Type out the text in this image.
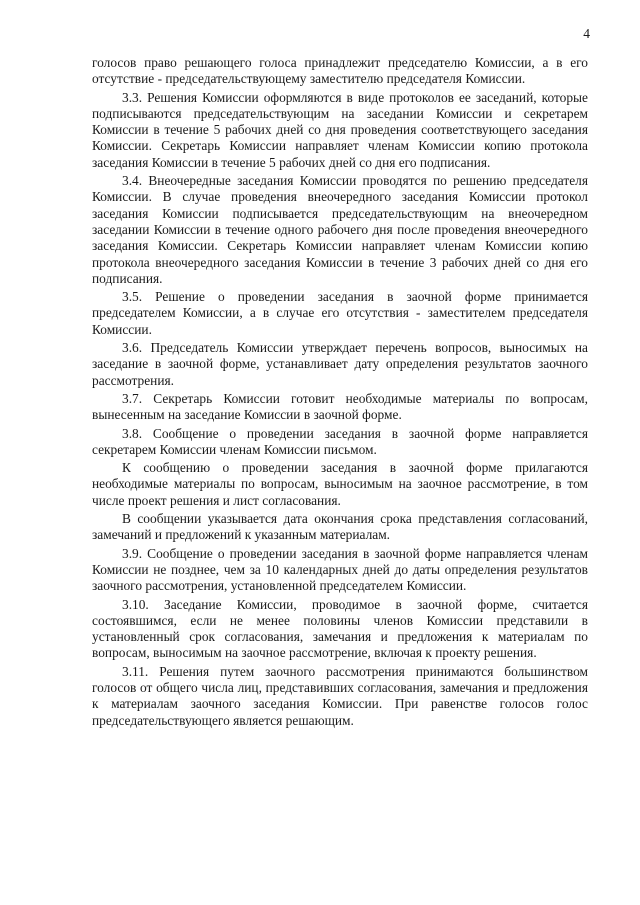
4

голосов право решающего голоса принадлежит председателю Комиссии, а в его отсутствие - председательствующему заместителю председателя Комиссии.

3.3. Решения Комиссии оформляются в виде протоколов ее заседаний, которые подписываются председательствующим на заседании Комиссии и секретарем Комиссии в течение 5 рабочих дней со дня проведения соответствующего заседания Комиссии. Секретарь Комиссии направляет членам Комиссии копию протокола заседания Комиссии в течение 5 рабочих дней со дня его подписания.

3.4. Внеочередные заседания Комиссии проводятся по решению председателя Комиссии. В случае проведения внеочередного заседания Комиссии протокол заседания Комиссии подписывается председательствующим на внеочередном заседании Комиссии в течение одного рабочего дня после проведения внеочередного заседания Комиссии. Секретарь Комиссии направляет членам Комиссии копию протокола внеочередного заседания Комиссии в течение 3 рабочих дней со дня его подписания.

3.5. Решение о проведении заседания в заочной форме принимается председателем Комиссии, а в случае его отсутствия - заместителем председателя Комиссии.

3.6. Председатель Комиссии утверждает перечень вопросов, выносимых на заседание в заочной форме, устанавливает дату определения результатов заочного рассмотрения.

3.7. Секретарь Комиссии готовит необходимые материалы по вопросам, вынесенным на заседание Комиссии в заочной форме.

3.8. Сообщение о проведении заседания в заочной форме направляется секретарем Комиссии членам Комиссии письмом.

К сообщению о проведении заседания в заочной форме прилагаются необходимые материалы по вопросам, выносимым на заочное рассмотрение, в том числе проект решения и лист согласования.

В сообщении указывается дата окончания срока представления согласований, замечаний и предложений к указанным материалам.

3.9. Сообщение о проведении заседания в заочной форме направляется членам Комиссии не позднее, чем за 10 календарных дней до даты определения результатов заочного рассмотрения, установленной председателем Комиссии.

3.10. Заседание Комиссии, проводимое в заочной форме, считается состоявшимся, если не менее половины членов Комиссии представили в установленный срок согласования, замечания и предложения к материалам по вопросам, выносимым на заочное рассмотрение, включая к проекту решения.

3.11. Решения путем заочного рассмотрения принимаются большинством голосов от общего числа лиц, представивших согласования, замечания и предложения к материалам заочного заседания Комиссии. При равенстве голосов голос председательствующего является решающим.
